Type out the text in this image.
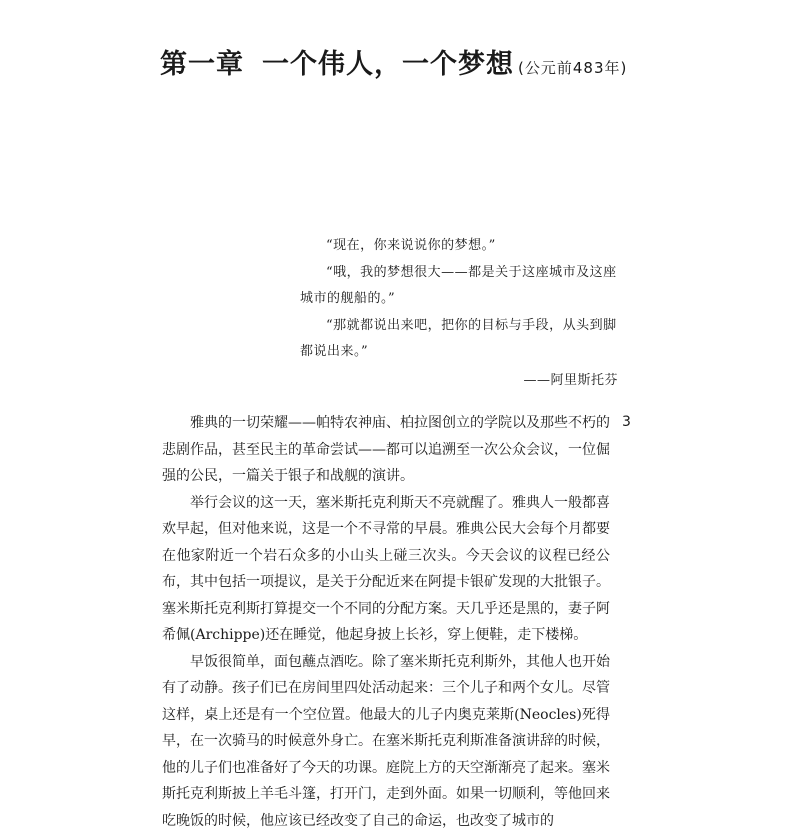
第一章 一个伟人，一个梦想 (公元前483年)

“现在，你来说说你的梦想。”

“哦，我的梦想很大——都是关于这座城市及这座城市的舰船的。”

“那就都说出来吧，把你的目标与手段，从头到脚都说出来。”

——阿里斯托芬

3

雅典的一切荣耀——帕特农神庙、柏拉图创立的学院以及那些不朽的悲剧作品，甚至民主的革命尝试——都可以追溯至一次公众会议，一位倔强的公民，一篇关于银子和战舰的演讲。

举行会议的这一天，塞米斯托克利斯天不亮就醒了。雅典人一般都喜欢早起，但对他来说，这是一个不寻常的早晨。雅典公民大会每个月都要在他家附近一个岩石众多的小山头上碰三次头。今天会议的议程已经公布，其中包括一项提议，是关于分配近来在阿提卡银矿发现的大批银子。塞米斯托克利斯打算提交一个不同的分配方案。天几乎还是黑的，妻子阿希佩(Archippe)还在睡觉，他起身披上长衫，穿上便鞋，走下楼梯。

早饭很简单，面包蘸点酒吃。除了塞米斯托克利斯外，其他人也开始有了动静。孩子们已在房间里四处活动起来：三个儿子和两个女儿。尽管这样，桌上还是有一个空位置。他最大的儿子内奥克莱斯(Neocles)死得早，在一次骑马的时候意外身亡。在塞米斯托克利斯准备演讲辞的时候，他的儿子们也准备好了今天的功课。庭院上方的天空渐渐亮了起来。塞米斯托克利斯披上羊毛斗篷，打开门，走到外面。如果一切顺利，等他回来吃晚饭的时候，他应该已经改变了自己的命运，也改变了城市的
